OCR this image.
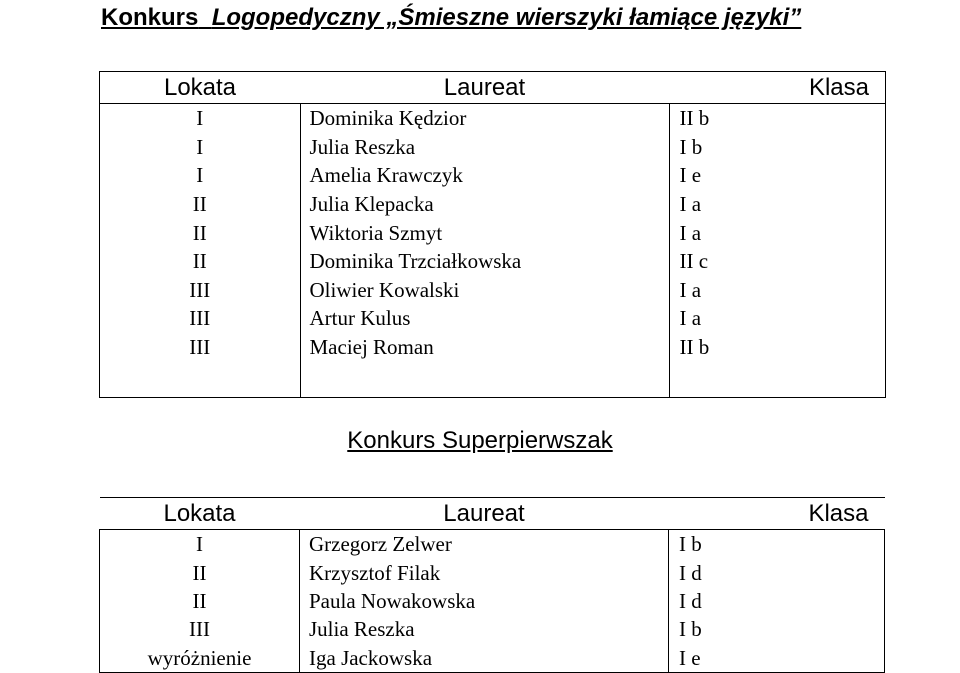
Konkurs Logopedyczny „Śmieszne wierszyki łamiące języki”
Lokata	Laureat	Klasa
I	Dominika Kędzior	II b
I	Julia Reszka	I b
I	Amelia Krawczyk	I e
II	Julia Klepacka	I a
II	Wiktoria Szmyt	I a
II	Dominika Trzciałkowska	II c
III	Oliwier Kowalski	I a
III	Artur Kulus	I a
III	Maciej Roman	II b

Konkurs Superpierwszak
Lokata	Laureat	Klasa
I	Grzegorz Zelwer	I b
II	Krzysztof Filak	I d
II	Paula Nowakowska	I d
III	Julia Reszka	I b
wyróżnienie	Iga Jackowska	I e
